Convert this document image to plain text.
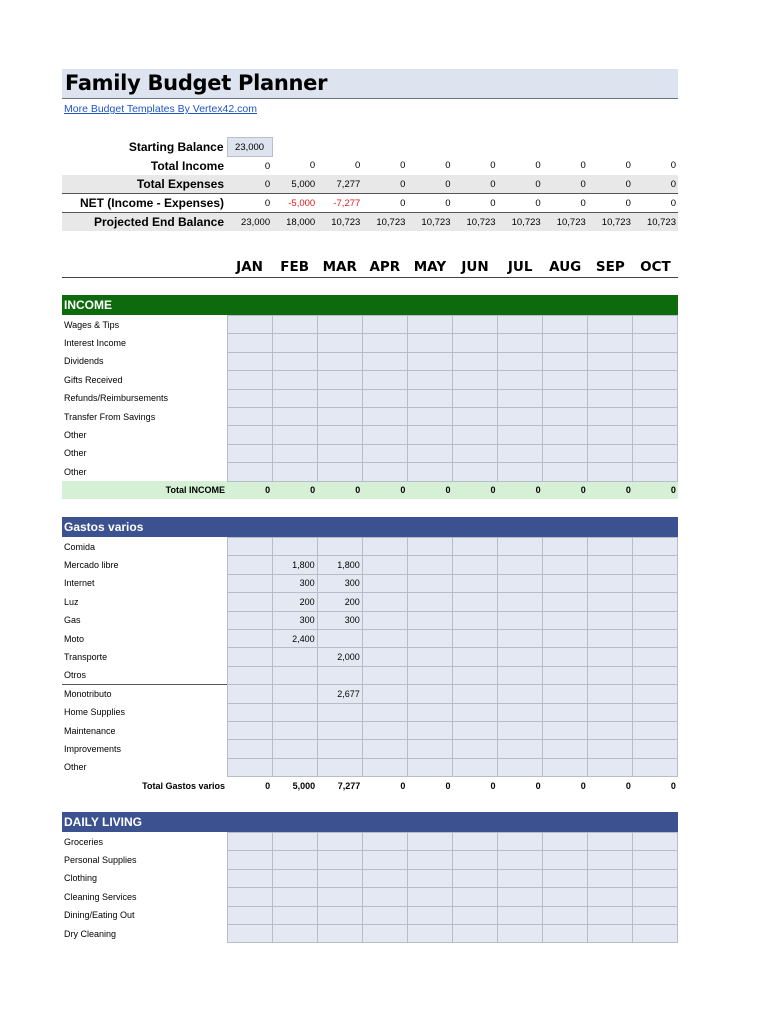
Family Budget Planner
More Budget Templates By Vertex42.com
Starting Balance	23,000									
Total Income	0	0	0	0	0	0	0	0	0	0
Total Expenses	0	5,000	7,277	0	0	0	0	0	0	0
NET (Income - Expenses)	0	-5,000	-7,277	0	0	0	0	0	0	0
Projected End Balance	23,000	18,000	10,723	10,723	10,723	10,723	10,723	10,723	10,723	10,723
	JAN	FEB	MAR	APR	MAY	JUN	JUL	AUG	SEP	OCT
INCOME
Wages & Tips										
Interest Income										
Dividends										
Gifts Received										
Refunds/Reimbursements										
Transfer From Savings										
Other										
Other										
Other										
Total INCOME	0	0	0	0	0	0	0	0	0	0
Gastos varios
Comida										
Mercado libre		1,800	1,800							
Internet		300	300							
Luz		200	200							
Gas		300	300							
Moto		2,400								
Transporte			2,000							
Otros										
Monotributo			2,677							
Home Supplies										
Maintenance										
Improvements										
Other										
Total Gastos varios	0	5,000	7,277	0	0	0	0	0	0	0
DAILY LIVING
Groceries										
Personal Supplies										
Clothing										
Cleaning Services										
Dining/Eating Out										
Dry Cleaning										
